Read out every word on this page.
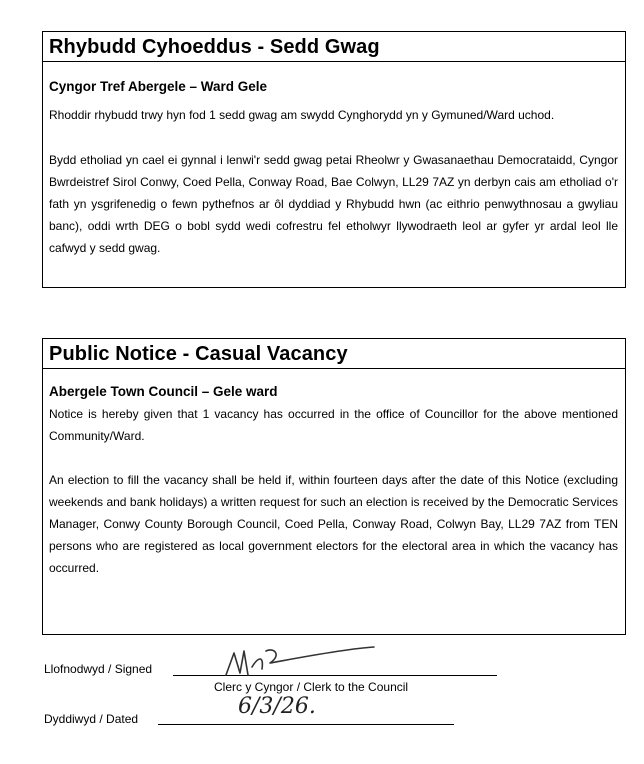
Rhybudd Cyhoeddus - Sedd Gwag
Cyngor Tref Abergele – Ward Gele
Rhoddir rhybudd trwy hyn fod 1 sedd gwag am swydd Cynghorydd yn y Gymuned/Ward uchod.
Bydd etholiad yn cael ei gynnal i lenwi'r sedd gwag petai Rheolwr y Gwasanaethau Democrataidd, Cyngor Bwrdeistref Sirol Conwy, Coed Pella, Conway Road, Bae Colwyn, LL29 7AZ yn derbyn cais am etholiad o'r fath yn ysgrifenedig o fewn pythefnos ar ôl dyddiad y Rhybudd hwn (ac eithrio penwythnosau a gwyliau banc), oddi wrth DEG o bobl sydd wedi cofrestru fel etholwyr llywodraeth leol ar gyfer yr ardal leol lle cafwyd y sedd gwag.
Public Notice - Casual Vacancy
Abergele Town Council – Gele ward
Notice is hereby given that 1 vacancy has occurred in the office of Councillor for the above mentioned Community/Ward.
An election to fill the vacancy shall be held if, within fourteen days after the date of this Notice (excluding weekends and bank holidays) a written request for such an election is received by the Democratic Services Manager, Conwy County Borough Council, Coed Pella, Conway Road, Colwyn Bay, LL29 7AZ from TEN persons who are registered as local government electors for the electoral area in which the vacancy has occurred.
Llofnodwyd / Signed
Clerc y Cyngor / Clerk to the Council
Dyddiwyd / Dated	6/3/26.
